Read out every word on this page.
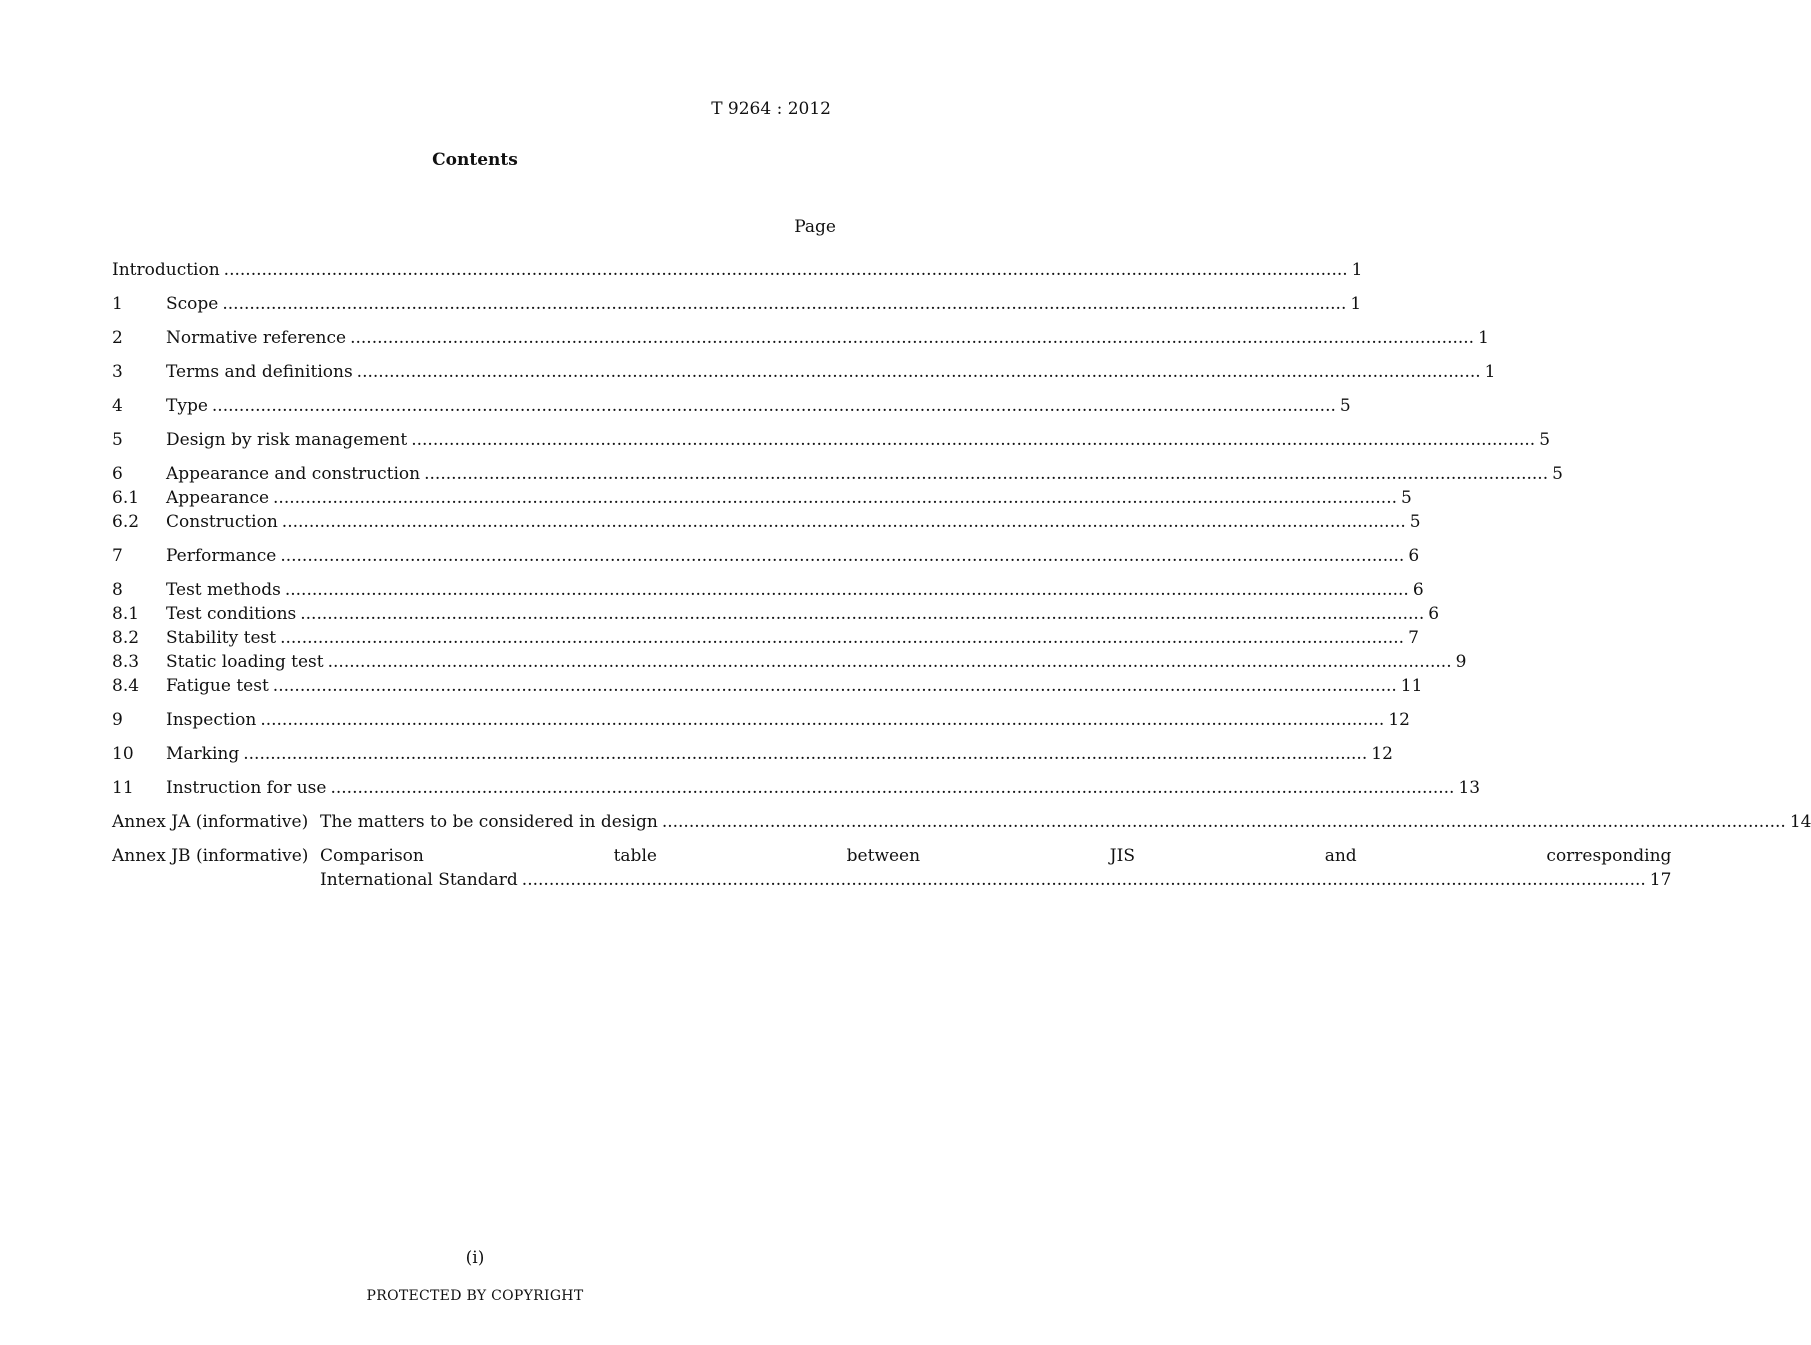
T 9264 : 2012
Contents
Page
Introduction .....	1
1	Scope .....	1
2	Normative reference .....	1
3	Terms and definitions .....	1
4	Type .....	5
5	Design by risk management .....	5
6	Appearance and construction .....	5
6.1	Appearance .....	5
6.2	Construction .....	5
7	Performance .....	6
8	Test methods .....	6
8.1	Test conditions .....	6
8.2	Stability test .....	7
8.3	Static loading test .....	9
8.4	Fatigue test .....	11
9	Inspection .....	12
10	Marking .....	12
11	Instruction for use .....	13
Annex JA (informative) The matters to be considered in design .....	14
Annex JB (informative) Comparison table between JIS and corresponding
International Standard .....	17
(i)
PROTECTED BY COPYRIGHT
